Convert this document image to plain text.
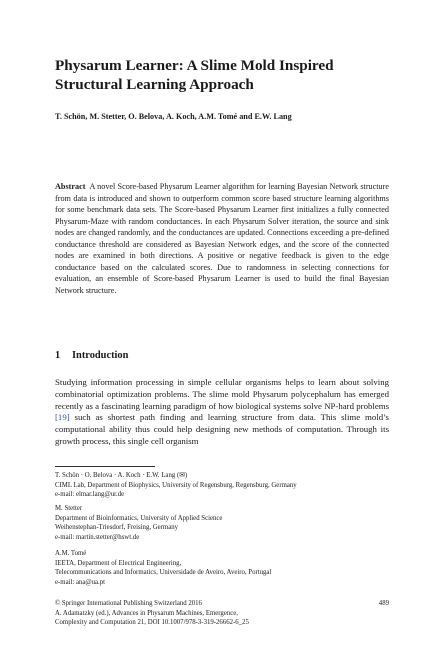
Physarum Learner: A Slime Mold Inspired Structural Learning Approach
T. Schön, M. Stetter, O. Belova, A. Koch, A.M. Tomé and E.W. Lang

Abstract A novel Score-based Physarum Learner algorithm for learning Bayesian Network structure from data is introduced and shown to outperform common score based structure learning algorithms for some benchmark data sets. The Score-based Physarum Learner first initializes a fully connected Physarum-Maze with random conductances. In each Physarum Solver iteration, the source and sink nodes are changed randomly, and the conductances are updated. Connections exceeding a pre-defined conductance threshold are considered as Bayesian Network edges, and the score of the connected nodes are examined in both directions. A positive or negative feedback is given to the edge conductance based on the calculated scores. Due to randomness in selecting connections for evaluation, an ensemble of Score-based Physarum Learner is used to build the final Bayesian Network structure.

1 Introduction

Studying information processing in simple cellular organisms helps to learn about solving combinatorial optimization problems. The slime mold Physarum polycephalum has emerged recently as a fascinating learning paradigm of how biological systems solve NP-hard problems [19] such as shortest path finding and learning structure from data. This slime mold’s computational ability thus could help designing new methods of computation. Through its growth process, this single cell organism

T. Schön · O. Belova · A. Koch · E.W. Lang (✉)
CIML Lab, Department of Biophysics, University of Regensburg, Regensburg, Germany
e-mail: elmar.lang@ur.de
M. Stetter
Department of Bioinformatics, University of Applied Science
Weihenstephan-Triesdorf, Freising, Germany
e-mail: martin.stetter@hswt.de
A.M. Tomé
IEETA, Department of Electrical Engineering,
Telecommunications and Informatics, Universidade de Aveiro, Aveiro, Portugal
e-mail: ana@ua.pt
© Springer International Publishing Switzerland 2016
A. Adamatzky (ed.), Advances in Physarum Machines, Emergence,
Complexity and Computation 21, DOI 10.1007/978-3-319-26662-6_25
489
